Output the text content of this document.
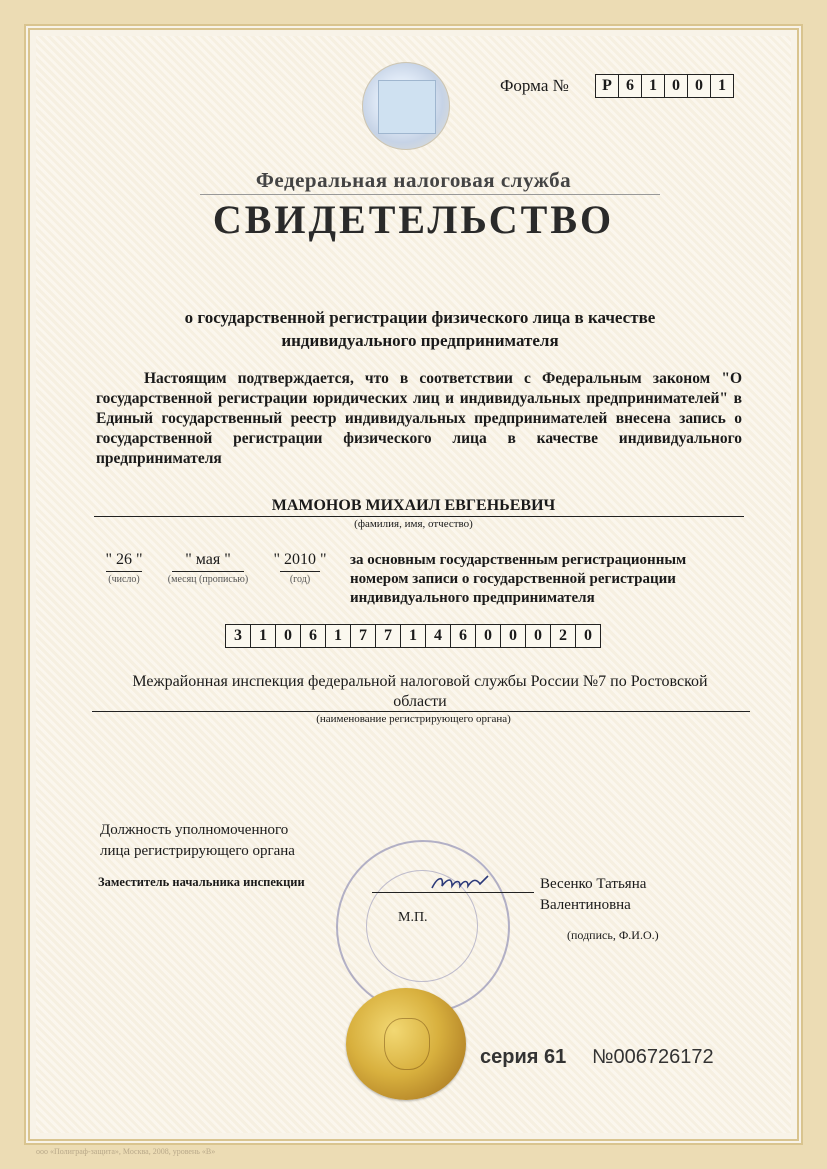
Форма №	Р 6 1 0 0 1
Федеральная налоговая служба
СВИДЕТЕЛЬСТВО
о государственной регистрации физического лица в качестве
индивидуального предпринимателя
Настоящим подтверждается, что в соответствии с Федеральным законом "О государственной регистрации юридических лиц и индивидуальных предпринимателей" в Единый государственный реестр индивидуальных предпринимателей внесена запись о государственной регистрации физического лица в качестве индивидуального предпринимателя
МАМОНОВ МИХАИЛ ЕВГЕНЬЕВИЧ
(фамилия, имя, отчество)
" 26 "	" мая "	" 2010 "
(число)	(месяц (прописью)	(год)
за основным государственным регистрационным номером записи о государственной регистрации индивидуального предпринимателя
3	1	0	6	1	7	7	1	4	6	0	0	0	2	0
Межрайонная инспекция федеральной налоговой службы России №7 по Ростовской области
(наименование регистрирующего органа)
Должность уполномоченного
лица регистрирующего органа
Заместитель начальника инспекции	Весенко Татьяна
Валентиновна
М.П.
(подпись, Ф.И.О.)
серия 61 №006726172
ооо «Полиграф-защита», Москва, 2008, уровень «В»
